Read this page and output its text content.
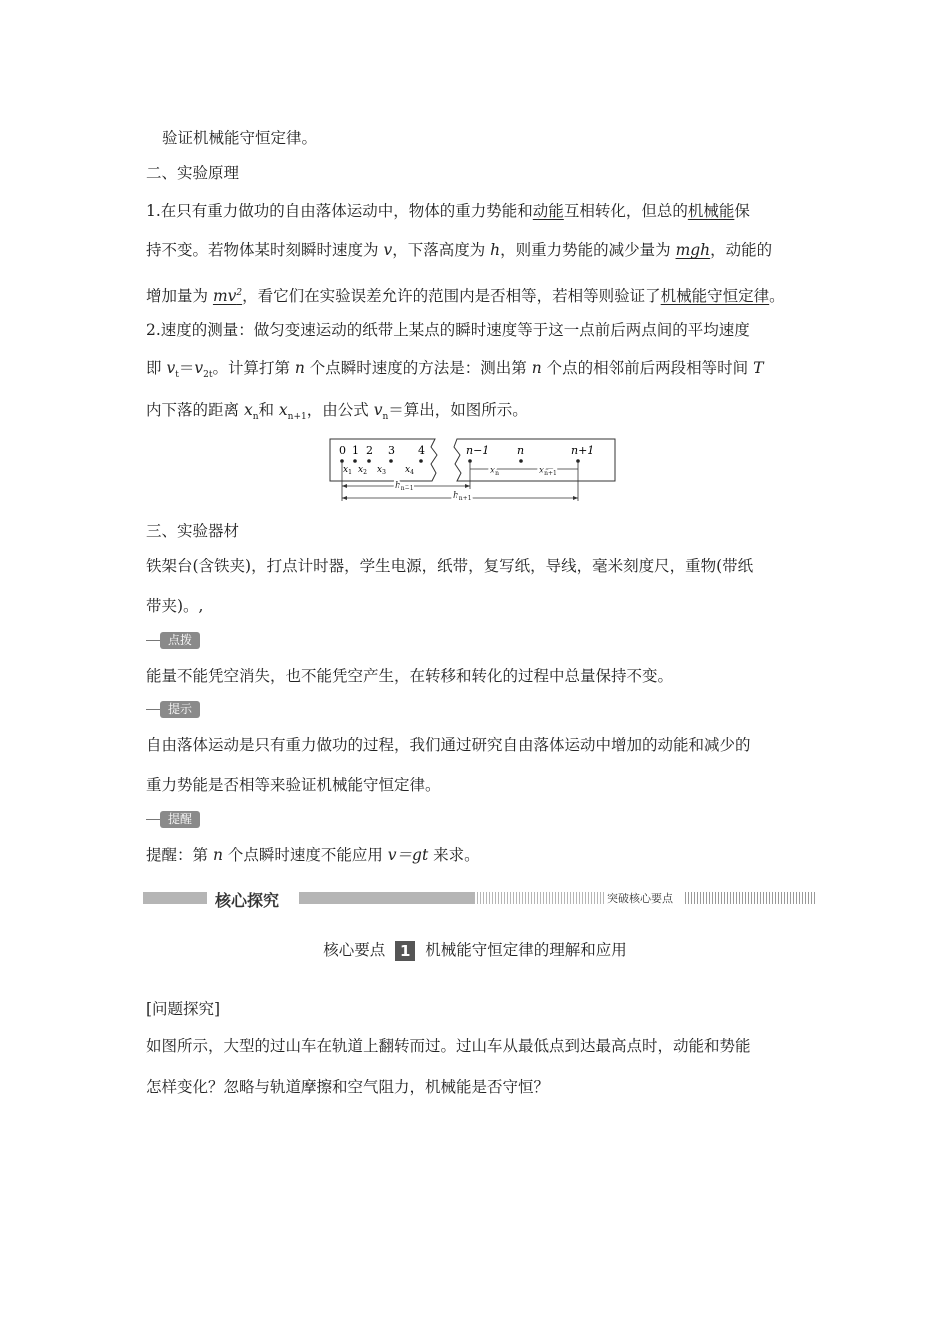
验证机械能守恒定律。
二、实验原理
1.在只有重力做功的自由落体运动中，物体的重力势能和动能互相转化，但总的机械能保
持不变。若物体某时刻瞬时速度为 v，下落高度为 h，则重力势能的减少量为 mgh，动能的
增加量为 $mv^2$，看它们在实验误差允许的范围内是否相等，若相等则验证了机械能守恒定律。
2.速度的测量：做匀变速运动的纸带上某点的瞬时速度等于这一点前后两点间的平均速度
即 $v_t=v_{2t}$。计算打第 n 个点瞬时速度的方法是：测出第 n 个点的相邻前后两段相等时间 T
内下落的距离 $x_n$和 $x_{n+1}$，由公式 $v_n=$算出，如图所示。
0 1 2 3 4
$x_1$ $x_2$ $x_3$ $x_4$
n−1	n	n+1
$x_n$	$x_{n+1}$
$h_{n-1}$
$h_{n+1}$
三、实验器材
铁架台(含铁夹)，打点计时器，学生电源，纸带，复写纸，导线，毫米刻度尺，重物(带纸
带夹)。,
点拨
能量不能凭空消失，也不能凭空产生，在转移和转化的过程中总量保持不变。
提示
自由落体运动是只有重力做功的过程，我们通过研究自由落体运动中增加的动能和减少的
重力势能是否相等来验证机械能守恒定律。
提醒
提醒：第 n 个点瞬时速度不能应用 v＝gt 来求。
核心探究	突破核心要点
核心要点 1 机械能守恒定律的理解和应用
[问题探究]
如图所示，大型的过山车在轨道上翻转而过。过山车从最低点到达最高点时，动能和势能
怎样变化？忽略与轨道摩擦和空气阻力，机械能是否守恒？
